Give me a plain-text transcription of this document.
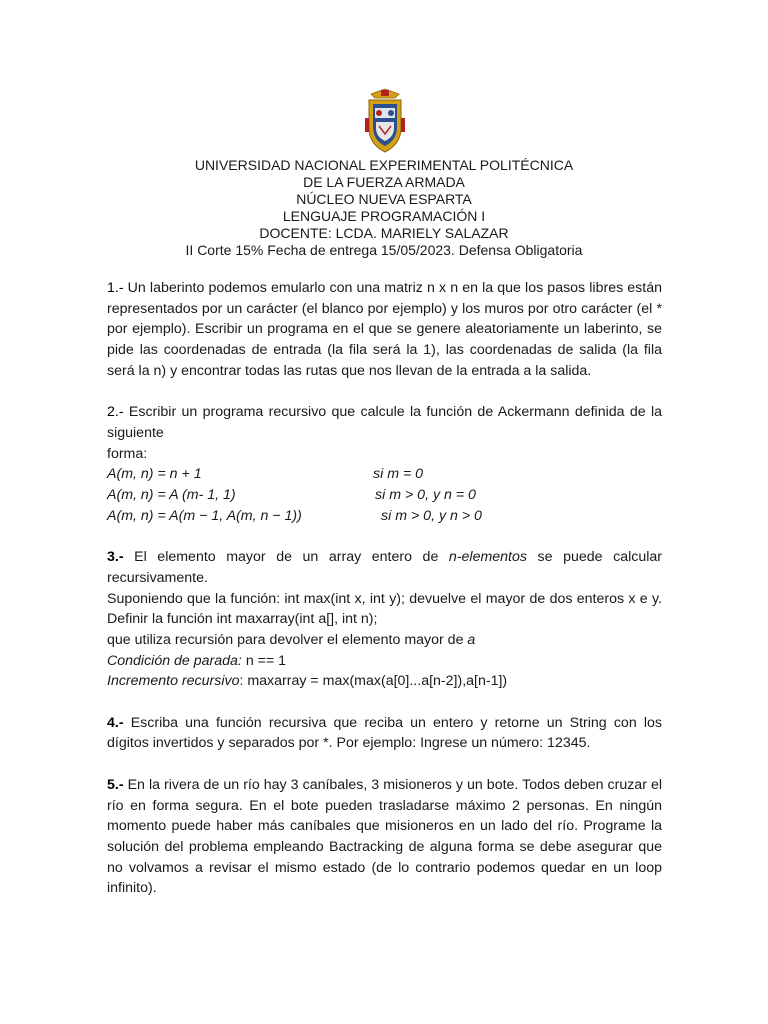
UNIVERSIDAD NACIONAL EXPERIMENTAL POLITÉCNICA
DE LA FUERZA ARMADA
NÚCLEO NUEVA ESPARTA
LENGUAJE PROGRAMACIÓN I
DOCENTE: LCDA. MARIELY SALAZAR
II Corte 15% Fecha de entrega 15/05/2023. Defensa Obligatoria
1.- Un laberinto podemos emularlo con una matriz n x n en la que los pasos libres están representados por un carácter (el blanco por ejemplo) y los muros por otro carácter (el * por ejemplo). Escribir un programa en el que se genere aleatoriamente un laberinto, se pide las coordenadas de entrada (la fila será la 1), las coordenadas de salida (la fila será la n) y encontrar todas las rutas que nos llevan de la entrada a la salida.

2.- Escribir un programa recursivo que calcule la función de Ackermann definida de la siguiente

forma:

A(m, n) = n + 1	si m = 0
A(m, n) = A (m- 1, 1)	si m > 0, y n = 0
A(m, n) = A(m − 1, A(m, n − 1))	si m > 0, y n > 0

3.- El elemento mayor de un array entero de n-elementos se puede calcular recursivamente.

Suponiendo que la función: int max(int x, int y); devuelve el mayor de dos enteros x e y. Definir la función int maxarray(int a[], int n);

que utiliza recursión para devolver el elemento mayor de a

Condición de parada: n == 1

Incremento recursivo: maxarray = max(max(a[0]...a[n-2]),a[n-1])

4.- Escriba una función recursiva que reciba un entero y retorne un String con los dígitos invertidos y separados por *. Por ejemplo: Ingrese un número: 12345.
5.- En la rivera de un río hay 3 caníbales, 3 misioneros y un bote. Todos deben cruzar el río en forma segura. En el bote pueden trasladarse máximo 2 personas. En ningún momento puede haber más caníbales que misioneros en un lado del río. Programe la solución del problema empleando Bactracking de alguna forma se debe asegurar que no volvamos a revisar el mismo estado (de lo contrario podemos quedar en un loop infinito).
